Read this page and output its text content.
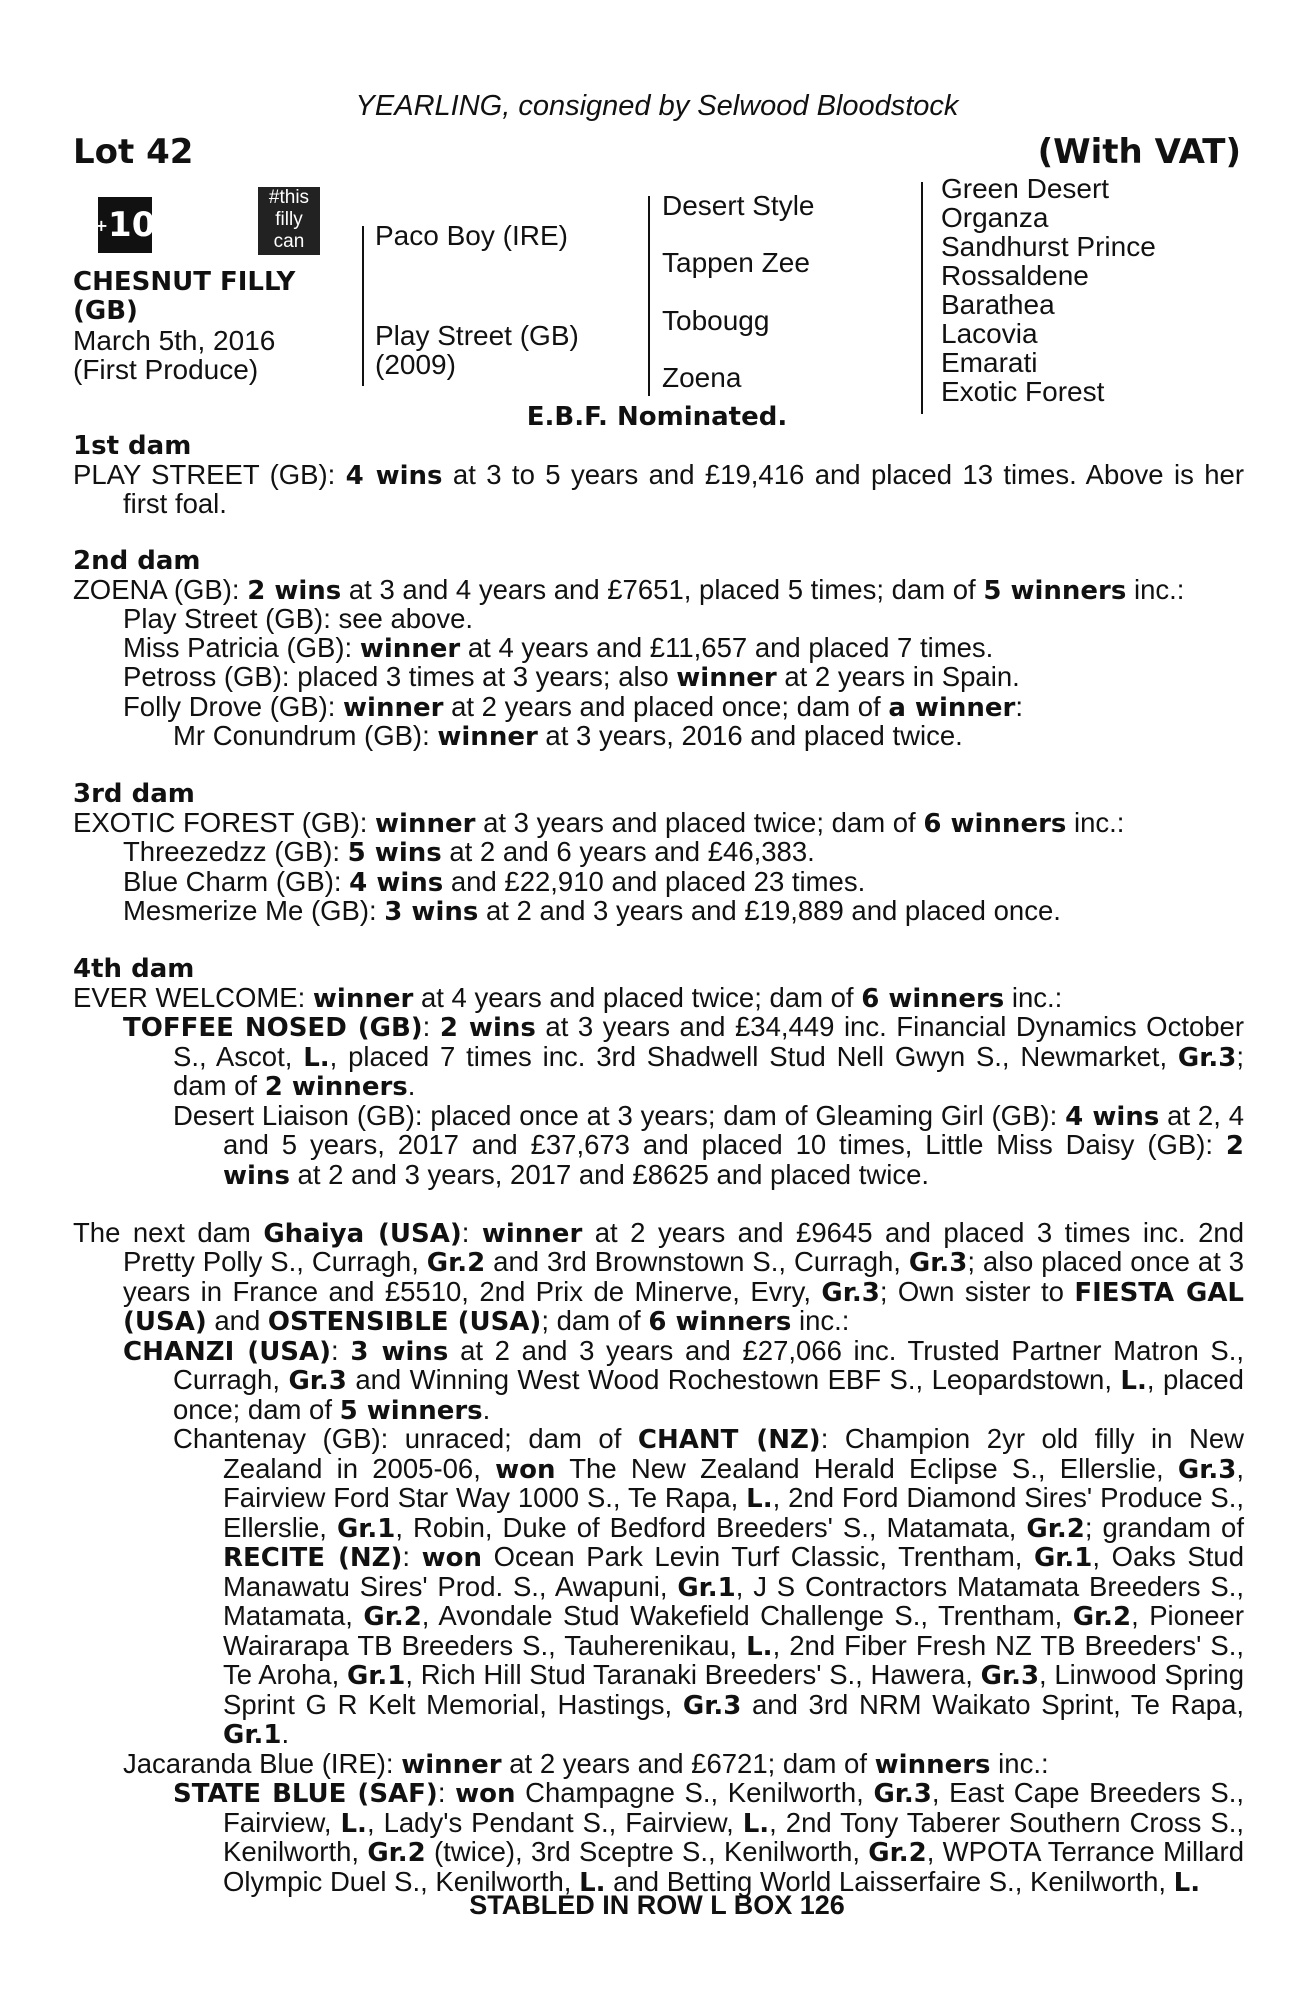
YEARLING, consigned by Selwood Bloodstock
Lot 42	(With VAT)
+ 10
#this
filly
can
CHESNUT FILLY
(GB)
March 5th, 2016
(First Produce)
Paco Boy (IRE)
Play Street (GB)
(2009)
Desert Style
Tappen Zee
Tobougg
Zoena
Green Desert
Organza
Sandhurst Prince
Rossaldene
Barathea
Lacovia
Emarati
Exotic Forest
E.B.F. Nominated.
1st dam
PLAY STREET (GB): 4 wins at 3 to 5 years and £19,416 and placed 13 times. Above is her first foal.
2nd dam
ZOENA (GB): 2 wins at 3 and 4 years and £7651, placed 5 times; dam of 5 winners inc.:
Play Street (GB): see above.
Miss Patricia (GB): winner at 4 years and £11,657 and placed 7 times.
Petross (GB): placed 3 times at 3 years; also winner at 2 years in Spain.
Folly Drove (GB): winner at 2 years and placed once; dam of a winner:
Mr Conundrum (GB): winner at 3 years, 2016 and placed twice.
3rd dam
EXOTIC FOREST (GB): winner at 3 years and placed twice; dam of 6 winners inc.:
Threezedzz (GB): 5 wins at 2 and 6 years and £46,383.
Blue Charm (GB): 4 wins and £22,910 and placed 23 times.
Mesmerize Me (GB): 3 wins at 2 and 3 years and £19,889 and placed once.
4th dam
EVER WELCOME: winner at 4 years and placed twice; dam of 6 winners inc.:
TOFFEE NOSED (GB): 2 wins at 3 years and £34,449 inc. Financial Dynamics October S., Ascot, L., placed 7 times inc. 3rd Shadwell Stud Nell Gwyn S., Newmarket, Gr.3; dam of 2 winners.
Desert Liaison (GB): placed once at 3 years; dam of Gleaming Girl (GB): 4 wins at 2, 4 and 5 years, 2017 and £37,673 and placed 10 times, Little Miss Daisy (GB): 2 wins at 2 and 3 years, 2017 and £8625 and placed twice.
The next dam Ghaiya (USA): winner at 2 years and £9645 and placed 3 times inc. 2nd Pretty Polly S., Curragh, Gr.2 and 3rd Brownstown S., Curragh, Gr.3; also placed once at 3 years in France and £5510, 2nd Prix de Minerve, Evry, Gr.3; Own sister to FIESTA GAL (USA) and OSTENSIBLE (USA); dam of 6 winners inc.:
CHANZI (USA): 3 wins at 2 and 3 years and £27,066 inc. Trusted Partner Matron S., Curragh, Gr.3 and Winning West Wood Rochestown EBF S., Leopardstown, L., placed once; dam of 5 winners.
Chantenay (GB): unraced; dam of CHANT (NZ): Champion 2yr old filly in New Zealand in 2005-06, won The New Zealand Herald Eclipse S., Ellerslie, Gr.3, Fairview Ford Star Way 1000 S., Te Rapa, L., 2nd Ford Diamond Sires' Produce S., Ellerslie, Gr.1, Robin, Duke of Bedford Breeders' S., Matamata, Gr.2; grandam of RECITE (NZ): won Ocean Park Levin Turf Classic, Trentham, Gr.1, Oaks Stud Manawatu Sires' Prod. S., Awapuni, Gr.1, J S Contractors Matamata Breeders S., Matamata, Gr.2, Avondale Stud Wakefield Challenge S., Trentham, Gr.2, Pioneer Wairarapa TB Breeders S., Tauherenikau, L., 2nd Fiber Fresh NZ TB Breeders' S., Te Aroha, Gr.1, Rich Hill Stud Taranaki Breeders' S., Hawera, Gr.3, Linwood Spring Sprint G R Kelt Memorial, Hastings, Gr.3 and 3rd NRM Waikato Sprint, Te Rapa, Gr.1.
Jacaranda Blue (IRE): winner at 2 years and £6721; dam of winners inc.:
STATE BLUE (SAF): won Champagne S., Kenilworth, Gr.3, East Cape Breeders S., Fairview, L., Lady's Pendant S., Fairview, L., 2nd Tony Taberer Southern Cross S., Kenilworth, Gr.2 (twice), 3rd Sceptre S., Kenilworth, Gr.2, WPOTA Terrance Millard Olympic Duel S., Kenilworth, L. and Betting World Laisserfaire S., Kenilworth, L.
STABLED IN ROW L BOX 126
